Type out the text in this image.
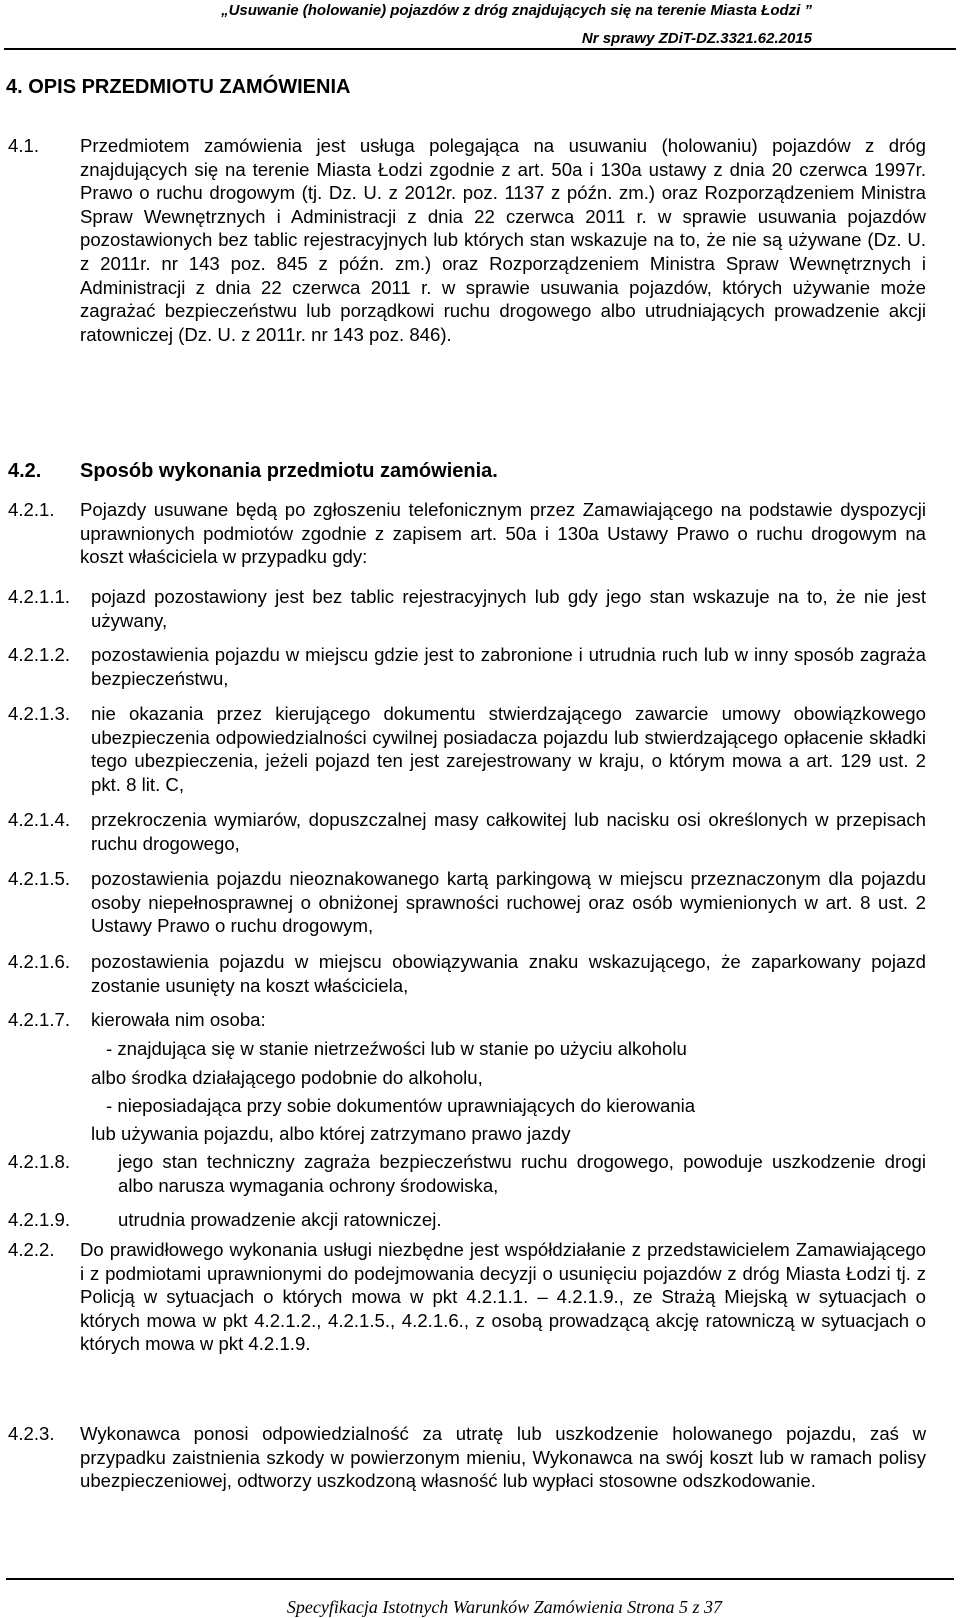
„Usuwanie (holowanie) pojazdów z dróg znajdujących się na terenie Miasta Łodzi ”
Nr sprawy ZDiT-DZ.3321.62.2015
4. OPIS PRZEDMIOTU ZAMÓWIENIA
4.1. Przedmiotem zamówienia jest usługa polegająca na usuwaniu (holowaniu) pojazdów z dróg znajdujących się na terenie Miasta Łodzi zgodnie z art. 50a i 130a ustawy z dnia 20 czerwca 1997r. Prawo o ruchu drogowym (tj. Dz. U. z 2012r. poz. 1137 z późn. zm.) oraz Rozporządzeniem Ministra Spraw Wewnętrznych i Administracji z dnia 22 czerwca 2011 r. w sprawie usuwania pojazdów pozostawionych bez tablic rejestracyjnych lub których stan wskazuje na to, że nie są używane (Dz. U. z 2011r. nr 143 poz. 845 z późn. zm.) oraz Rozporządzeniem Ministra Spraw Wewnętrznych i Administracji z dnia 22 czerwca 2011 r. w sprawie usuwania pojazdów, których używanie może zagrażać bezpieczeństwu lub porządkowi ruchu drogowego albo utrudniających prowadzenie akcji ratowniczej (Dz. U. z 2011r. nr 143 poz. 846).
4.2. Sposób wykonania przedmiotu zamówienia.
4.2.1. Pojazdy usuwane będą po zgłoszeniu telefonicznym przez Zamawiającego na podstawie dyspozycji uprawnionych podmiotów zgodnie z zapisem art. 50a i 130a Ustawy Prawo o ruchu drogowym na koszt właściciela w przypadku gdy:
4.2.1.1. pojazd pozostawiony jest bez tablic rejestracyjnych lub gdy jego stan wskazuje na to, że nie jest używany,
4.2.1.2. pozostawienia pojazdu w miejscu gdzie jest to zabronione i utrudnia ruch lub w inny sposób zagraża bezpieczeństwu,
4.2.1.3. nie okazania przez kierującego dokumentu stwierdzającego zawarcie umowy obowiązkowego ubezpieczenia odpowiedzialności cywilnej posiadacza pojazdu lub stwierdzającego opłacenie składki tego ubezpieczenia, jeżeli pojazd ten jest zarejestrowany w kraju, o którym mowa a art. 129 ust. 2 pkt. 8 lit. C,
4.2.1.4. przekroczenia wymiarów, dopuszczalnej masy całkowitej lub nacisku osi określonych w przepisach ruchu drogowego,
4.2.1.5. pozostawienia pojazdu nieoznakowanego kartą parkingową w miejscu przeznaczonym dla pojazdu osoby niepełnosprawnej o obniżonej sprawności ruchowej oraz osób wymienionych w art. 8 ust. 2 Ustawy Prawo o ruchu drogowym,
4.2.1.6. pozostawienia pojazdu w miejscu obowiązywania znaku wskazującego, że zaparkowany pojazd zostanie usunięty na koszt właściciela,
4.2.1.7. kierowała nim osoba:
- znajdująca się w stanie nietrzeźwości lub w stanie po użyciu alkoholu
albo środka działającego podobnie do alkoholu,
- nieposiadająca przy sobie dokumentów uprawniających do kierowania
lub używania pojazdu, albo której zatrzymano prawo jazdy
4.2.1.8.	jego stan techniczny zagraża bezpieczeństwu ruchu drogowego, powoduje uszkodzenie drogi albo narusza wymagania ochrony środowiska,
4.2.1.9.	utrudnia prowadzenie akcji ratowniczej.
4.2.2. Do prawidłowego wykonania usługi niezbędne jest współdziałanie z przedstawicielem Zamawiającego i z podmiotami uprawnionymi do podejmowania decyzji o usunięciu pojazdów z dróg Miasta Łodzi tj. z Policją w sytuacjach o których mowa w pkt 4.2.1.1. – 4.2.1.9., ze Strażą Miejską w sytuacjach o których mowa w pkt 4.2.1.2., 4.2.1.5., 4.2.1.6., z osobą prowadzącą akcję ratowniczą w sytuacjach o których mowa w pkt 4.2.1.9.
4.2.3. Wykonawca ponosi odpowiedzialność za utratę lub uszkodzenie holowanego pojazdu, zaś w przypadku zaistnienia szkody w powierzonym mieniu, Wykonawca na swój koszt lub w ramach polisy ubezpieczeniowej, odtworzy uszkodzoną własność lub wypłaci stosowne odszkodowanie.
Specyfikacja Istotnych Warunków Zamówienia Strona 5 z 37
